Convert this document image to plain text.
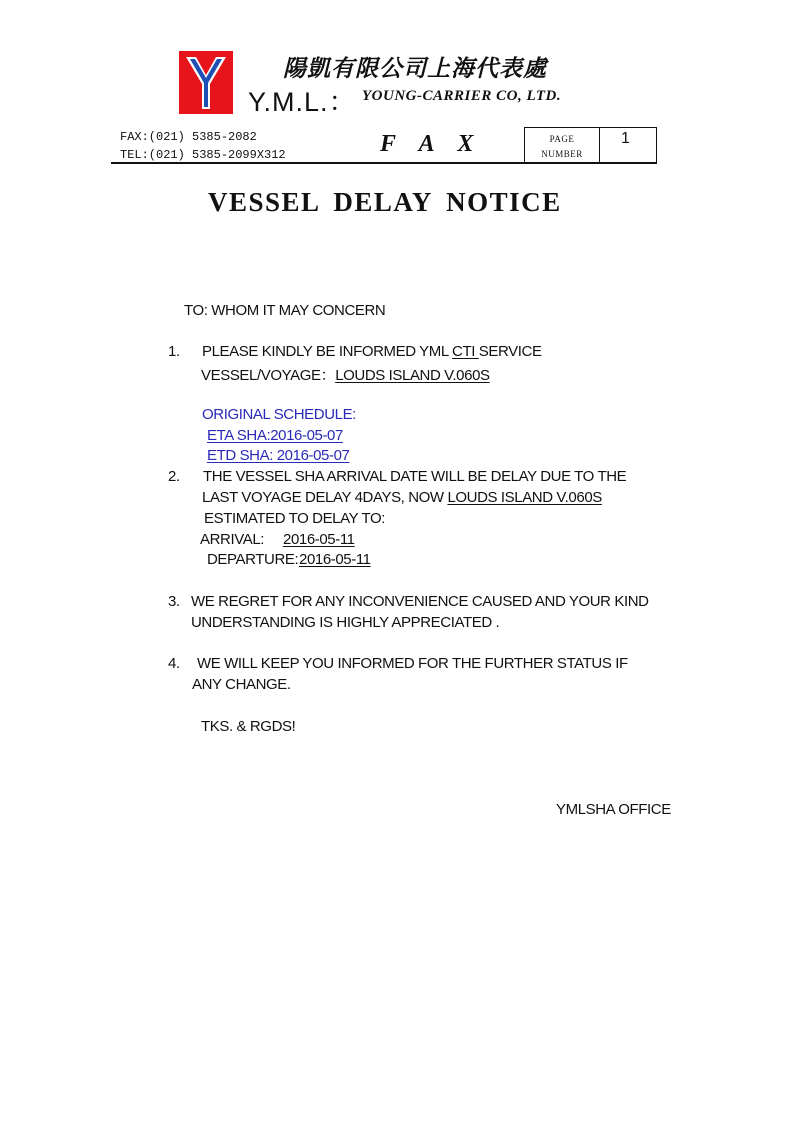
陽凱有限公司上海代表處
Y.M.L.： YOUNG-CARRIER CO, LTD.
FAX:(021) 5385-2082
TEL:(021) 5385-2099X312	F A X	PAGE
NUMBER
1
VESSEL DELAY NOTICE
TO: WHOM IT MAY CONCERN
1. PLEASE KINDLY BE INFORMED YML CTI SERVICE
VESSEL/VOYAGE：LOUDS ISLAND V.060S
ORIGINAL SCHEDULE:
ETA SHA:2016-05-07
ETD SHA: 2016-05-07
2. THE VESSEL SHA ARRIVAL DATE WILL BE DELAY DUE TO THE
LAST VOYAGE DELAY 4DAYS, NOW LOUDS ISLAND V.060S
ESTIMATED TO DELAY TO:
ARRIVAL: 2016-05-11
DEPARTURE: 2016-05-11
3. WE REGRET FOR ANY INCONVENIENCE CAUSED AND YOUR KIND
UNDERSTANDING IS HIGHLY APPRECIATED .
4. WE WILL KEEP YOU INFORMED FOR THE FURTHER STATUS IF
ANY CHANGE.
TKS. & RGDS!
YMLSHA OFFICE
